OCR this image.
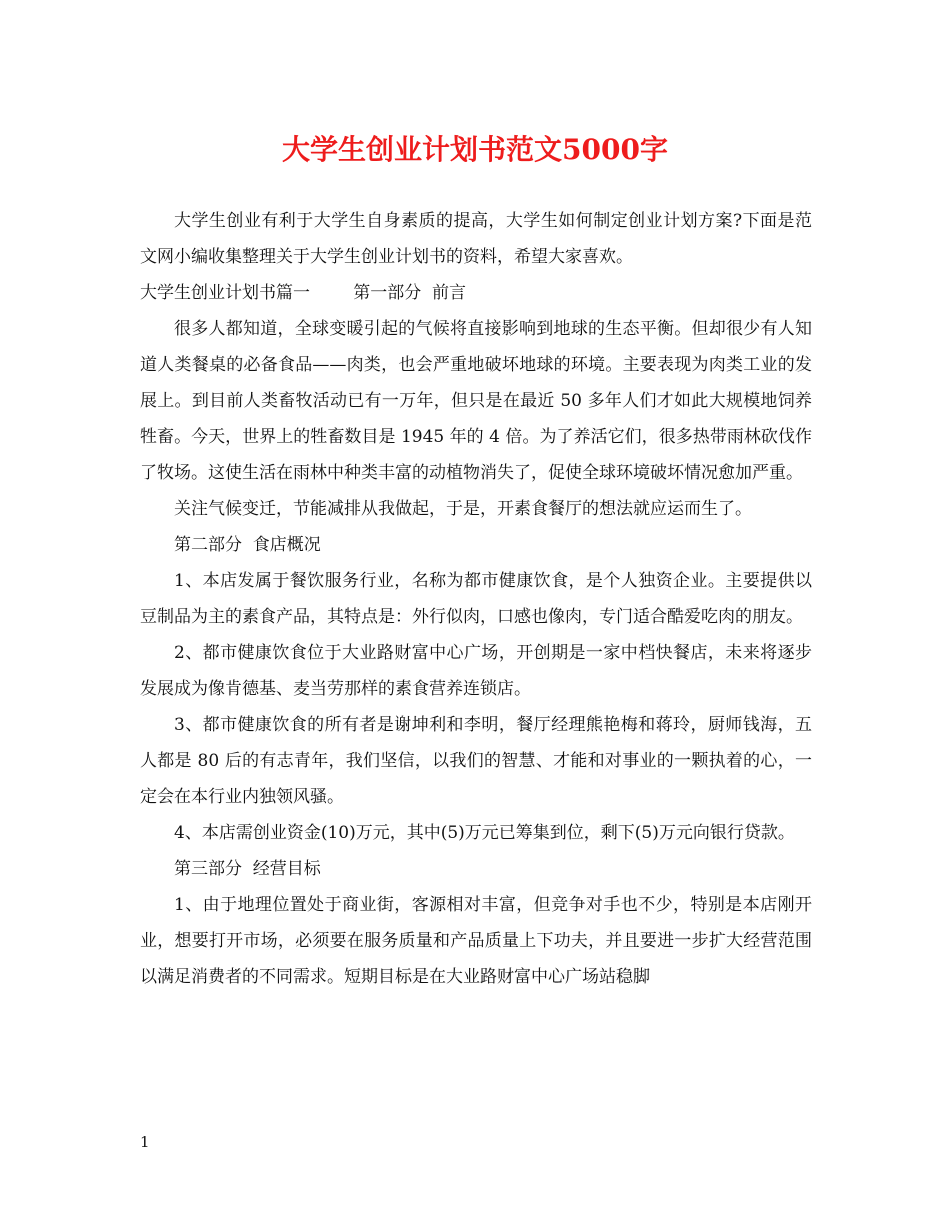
大学生创业计划书范文5000字

大学生创业有利于大学生自身素质的提高，大学生如何制定创业计划方案?下面是范文网小编收集整理关于大学生创业计划书的资料，希望大家喜欢。

大学生创业计划书篇一        第一部分  前言

很多人都知道，全球变暖引起的气候将直接影响到地球的生态平衡。但却很少有人知道人类餐桌的必备食品——肉类，也会严重地破坏地球的环境。主要表现为肉类工业的发展上。到目前人类畜牧活动已有一万年，但只是在最近 50 多年人们才如此大规模地饲养牲畜。今天，世界上的牲畜数目是 1945 年的 4 倍。为了养活它们，很多热带雨林砍伐作了牧场。这使生活在雨林中种类丰富的动植物消失了，促使全球环境破坏情况愈加严重。

关注气候变迁，节能减排从我做起，于是，开素食餐厅的想法就应运而生了。

第二部分  食店概况

1、本店发属于餐饮服务行业，名称为都市健康饮食，是个人独资企业。主要提供以豆制品为主的素食产品，其特点是：外行似肉，口感也像肉，专门适合酷爱吃肉的朋友。

2、都市健康饮食位于大业路财富中心广场，开创期是一家中档快餐店，未来将逐步发展成为像肯德基、麦当劳那样的素食营养连锁店。

3、都市健康饮食的所有者是谢坤利和李明，餐厅经理熊艳梅和蒋玲，厨师钱海，五人都是 80 后的有志青年，我们坚信，以我们的智慧、才能和对事业的一颗执着的心，一定会在本行业内独领风骚。

4、本店需创业资金(10)万元，其中(5)万元已筹集到位，剩下(5)万元向银行贷款。

第三部分  经营目标

1、由于地理位置处于商业街，客源相对丰富，但竞争对手也不少，特别是本店刚开业，想要打开市场，必须要在服务质量和产品质量上下功夫，并且要进一步扩大经营范围以满足消费者的不同需求。短期目标是在大业路财富中心广场站稳脚

1
